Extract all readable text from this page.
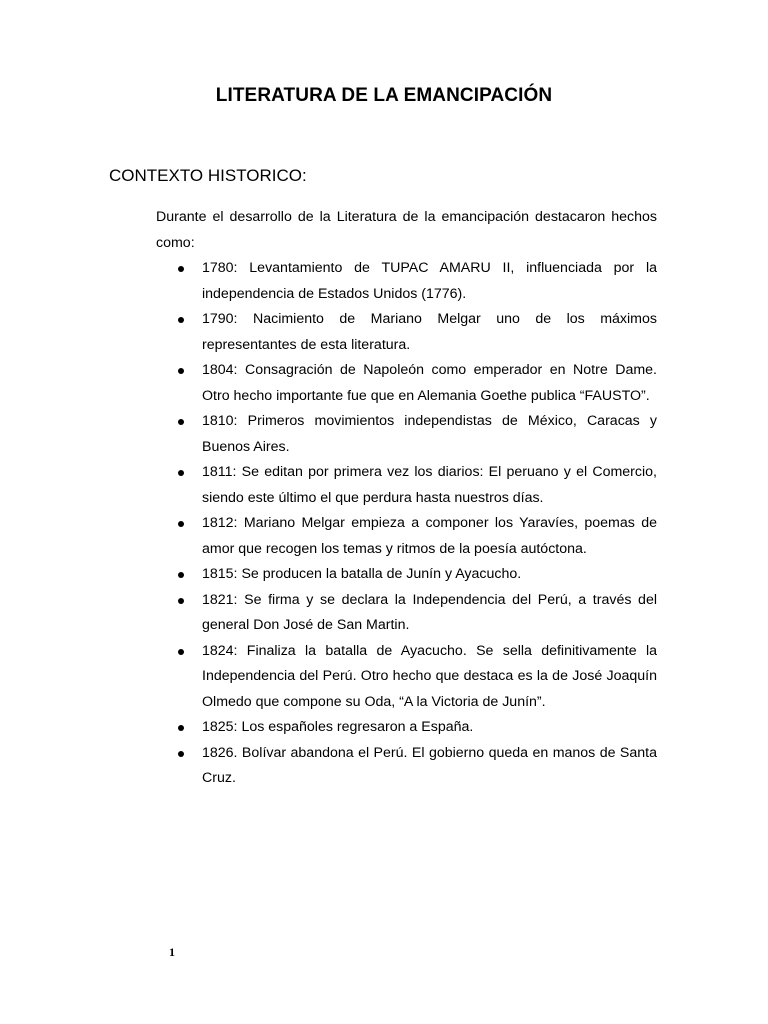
LITERATURA DE LA EMANCIPACIÓN
CONTEXTO HISTORICO:

Durante el desarrollo de la Literatura de la emancipación destacaron hechos como:

1780: Levantamiento de TUPAC AMARU II, influenciada por la independencia de Estados Unidos (1776).
1790: Nacimiento de Mariano Melgar uno de los máximos representantes de esta literatura.
1804: Consagración de Napoleón como emperador en Notre Dame. Otro hecho importante fue que en Alemania Goethe publica “FAUSTO”.
1810: Primeros movimientos independistas de México, Caracas y Buenos Aires.
1811: Se editan por primera vez los diarios: El peruano y el Comercio, siendo este último el que perdura hasta nuestros días.
1812: Mariano Melgar empieza a componer los Yaravíes, poemas de amor que recogen los temas y ritmos de la poesía autóctona.
1815: Se producen la batalla de Junín y Ayacucho.
1821: Se firma y se declara la Independencia del Perú, a través del general Don José de San Martin.
1824: Finaliza la batalla de Ayacucho. Se sella definitivamente la Independencia del Perú. Otro hecho que destaca es la de José Joaquín Olmedo que compone su Oda, “A la Victoria de Junín”.
1825: Los españoles regresaron a España.
1826. Bolívar abandona el Perú. El gobierno queda en manos de Santa Cruz.
1
